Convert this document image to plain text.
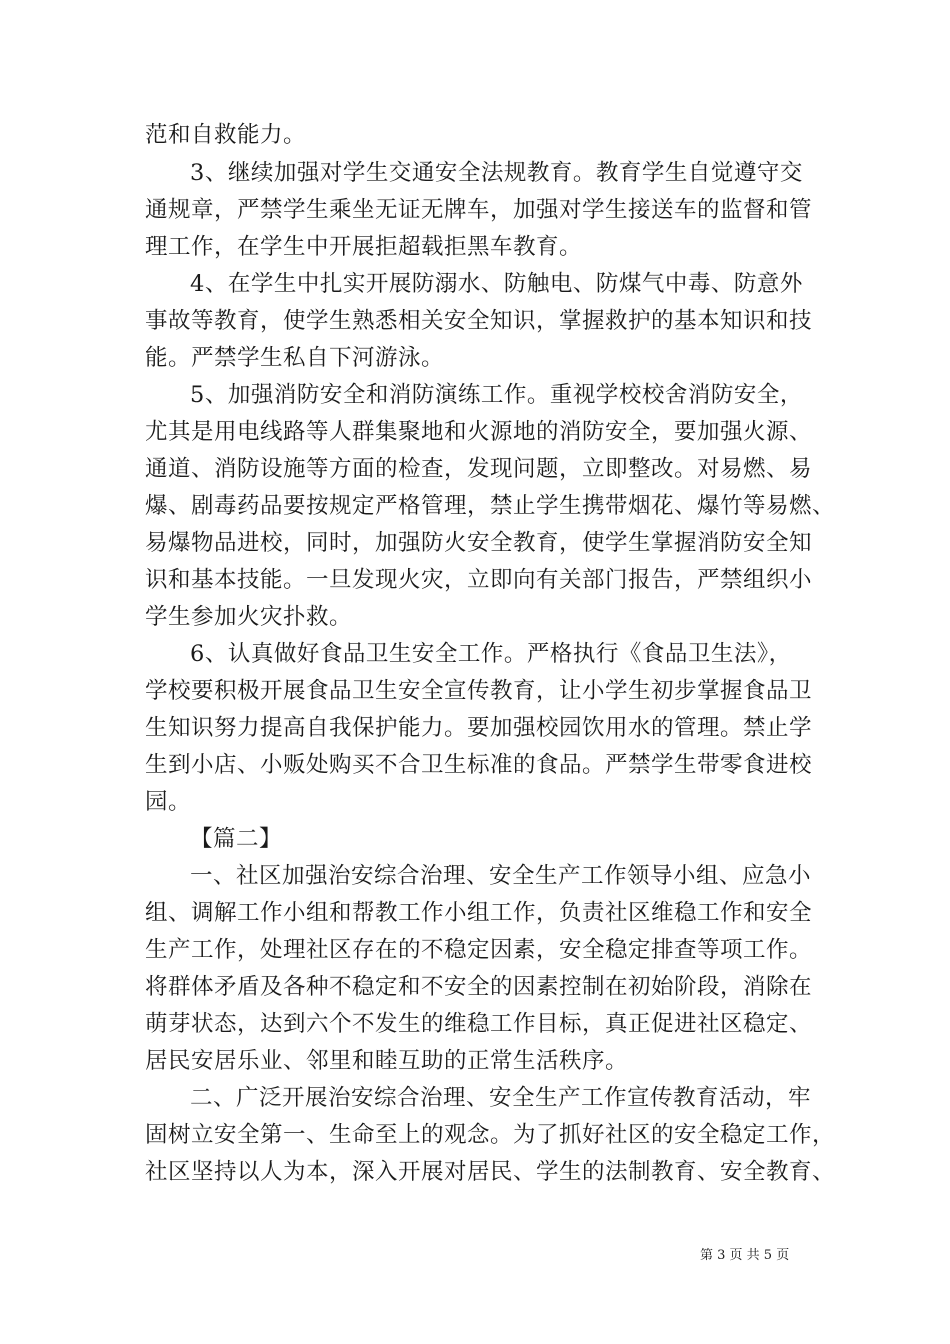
范和自救能力。

3、继续加强对学生交通安全法规教育。教育学生自觉遵守交

通规章，严禁学生乘坐无证无牌车，加强对学生接送车的监督和管

理工作，在学生中开展拒超载拒黑车教育。

4、在学生中扎实开展防溺水、防触电、防煤气中毒、防意外

事故等教育，使学生熟悉相关安全知识，掌握救护的基本知识和技

能。严禁学生私自下河游泳。

5、加强消防安全和消防演练工作。重视学校校舍消防安全，

尤其是用电线路等人群集聚地和火源地的消防安全，要加强火源、

通道、消防设施等方面的检查，发现问题，立即整改。对易燃、易

爆、剧毒药品要按规定严格管理，禁止学生携带烟花、爆竹等易燃、

易爆物品进校，同时，加强防火安全教育，使学生掌握消防安全知

识和基本技能。一旦发现火灾，立即向有关部门报告，严禁组织小

学生参加火灾扑救。

6、认真做好食品卫生安全工作。严格执行《食品卫生法》，

学校要积极开展食品卫生安全宣传教育，让小学生初步掌握食品卫

生知识努力提高自我保护能力。要加强校园饮用水的管理。禁止学

生到小店、小贩处购买不合卫生标准的食品。严禁学生带零食进校

园。

【篇二】

一、社区加强治安综合治理、安全生产工作领导小组、应急小

组、调解工作小组和帮教工作小组工作，负责社区维稳工作和安全

生产工作，处理社区存在的不稳定因素，安全稳定排查等项工作。

将群体矛盾及各种不稳定和不安全的因素控制在初始阶段，消除在

萌芽状态，达到六个不发生的维稳工作目标，真正促进社区稳定、

居民安居乐业、邻里和睦互助的正常生活秩序。

二、广泛开展治安综合治理、安全生产工作宣传教育活动，牢

固树立安全第一、生命至上的观念。为了抓好社区的安全稳定工作，

社区坚持以人为本，深入开展对居民、学生的法制教育、安全教育、

第 3 页 共 5 页
